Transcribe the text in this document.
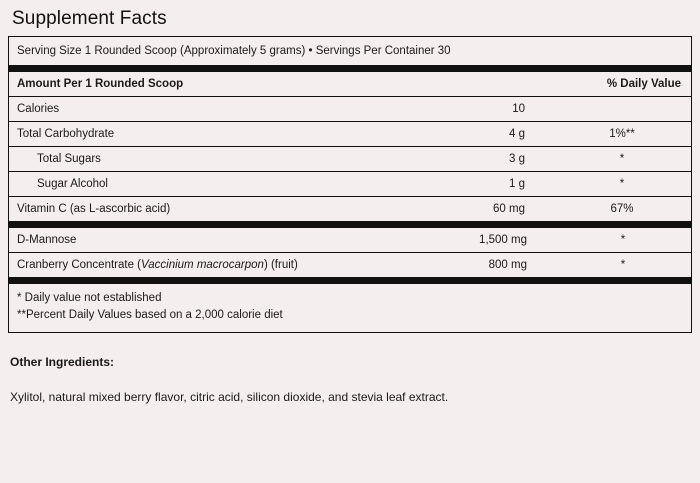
Supplement Facts
Serving Size 1 Rounded Scoop (Approximately 5 grams) • Servings Per Container 30
Amount Per 1 Rounded Scoop		% Daily Value
Calories	10	
Total Carbohydrate	4 g	1%**
Total Sugars	3 g	*
Sugar Alcohol	1 g	*
Vitamin C (as L-ascorbic acid)	60 mg	67%
D-Mannose	1,500 mg	*
Cranberry Concentrate (Vaccinium macrocarpon) (fruit)	800 mg	*
* Daily value not established
**Percent Daily Values based on a 2,000 calorie diet
Other Ingredients:
Xylitol, natural mixed berry flavor, citric acid, silicon dioxide, and stevia leaf extract.
